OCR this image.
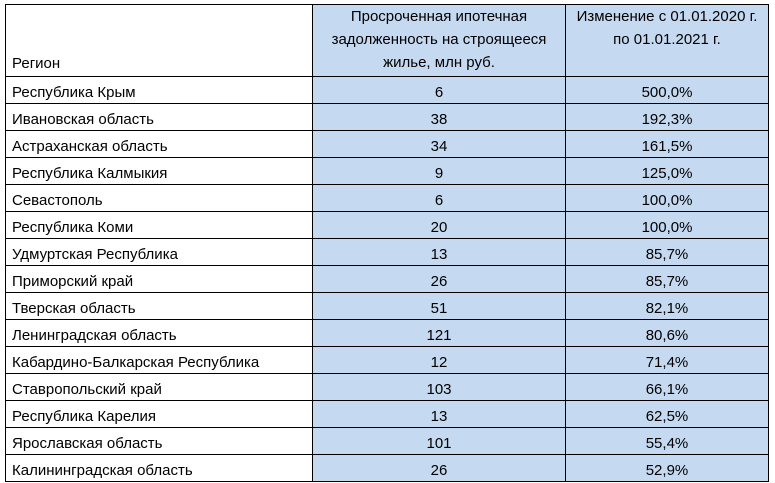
Регион	Просроченная ипотечная задолженность на строящееся жилье, млн руб.	Изменение с 01.01.2020 г. по 01.01.2021 г.
Республика Крым	6	500,0%
Ивановская область	38	192,3%
Астраханская область	34	161,5%
Республика Калмыкия	9	125,0%
Севастополь	6	100,0%
Республика Коми	20	100,0%
Удмуртская Республика	13	85,7%
Приморский край	26	85,7%
Тверская область	51	82,1%
Ленинградская область	121	80,6%
Кабардино-Балкарская Республика	12	71,4%
Ставропольский край	103	66,1%
Республика Карелия	13	62,5%
Ярославская область	101	55,4%
Калининградская область	26	52,9%
